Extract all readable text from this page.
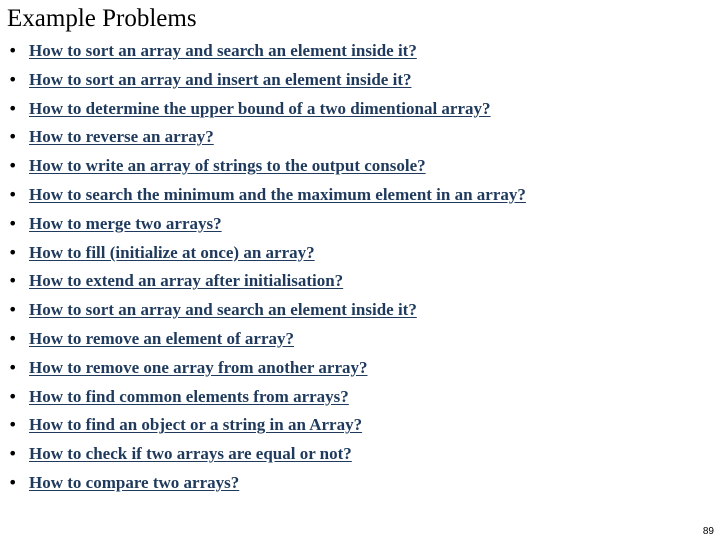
Example Problems
• How to sort an array and search an element inside it?
• How to sort an array and insert an element inside it?
• How to determine the upper bound of a two dimentional array?
• How to reverse an array?
• How to write an array of strings to the output console?
• How to search the minimum and the maximum element in an array?
• How to merge two arrays?
• How to fill (initialize at once) an array?
• How to extend an array after initialisation?
• How to sort an array and search an element inside it?
• How to remove an element of array?
• How to remove one array from another array?
• How to find common elements from arrays?
• How to find an object or a string in an Array?
• How to check if two arrays are equal or not?
• How to compare two arrays?
89
